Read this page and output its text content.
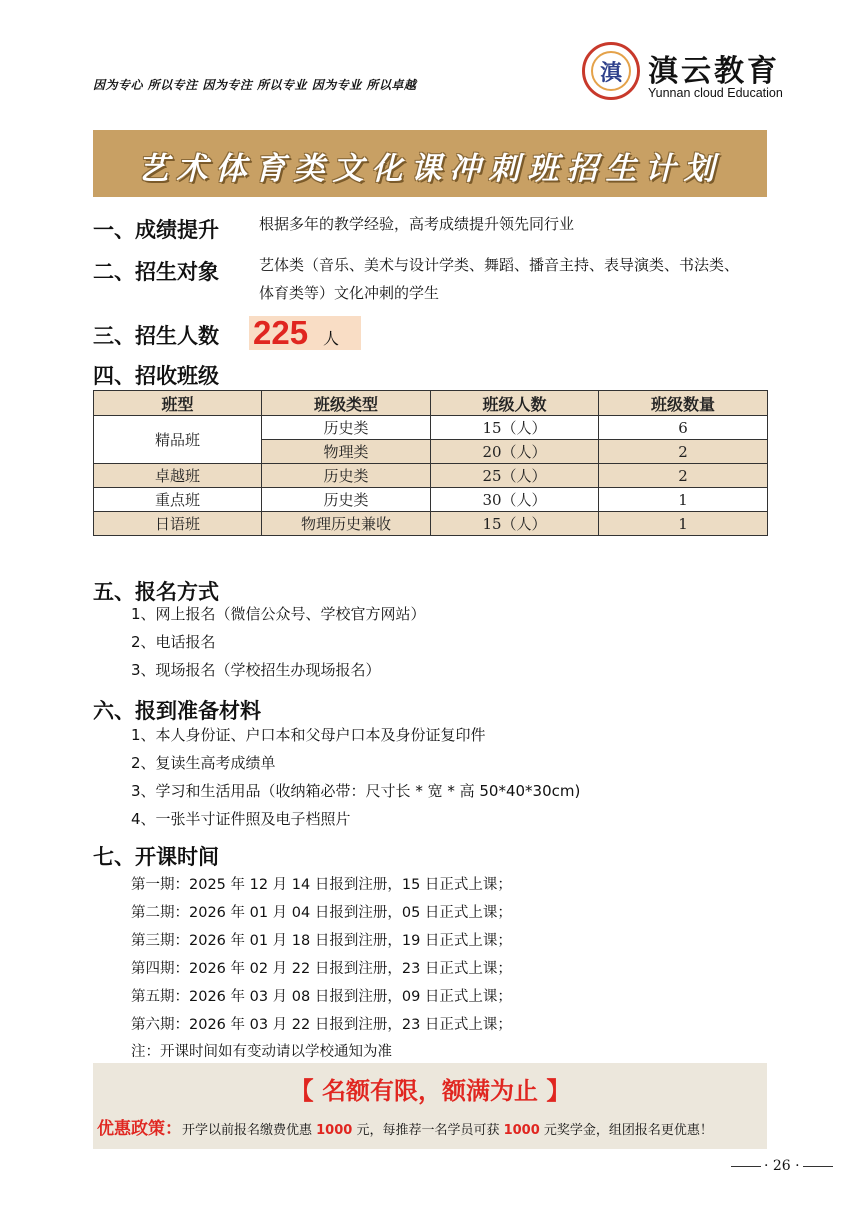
因为专心 所以专注 因为专注 所以专业 因为专业 所以卓越	滇 滇云教育
Yunnan cloud Education
艺术体育类文化课冲刺班招生计划
一、成绩提升	根据多年的教学经验，高考成绩提升领先同行业
二、招生对象	艺体类（音乐、美术与设计学类、舞蹈、播音主持、表导演类、书法类、
体育类等）文化冲刺的学生
三、招生人数 225 人
四、招收班级
班型	班级类型	班级人数	班级数量
精品班	历史类	15（人）	6
	物理类	20（人）	2
卓越班	历史类	25（人）	2
重点班	历史类	30（人）	1
日语班	物理历史兼收	15（人）	1
五、报名方式
1、网上报名（微信公众号、学校官方网站）
2、电话报名
3、现场报名（学校招生办现场报名）
六、报到准备材料
1、本人身份证、户口本和父母户口本及身份证复印件
2、复读生高考成绩单
3、学习和生活用品（收纳箱必带：尺寸长 * 宽 * 高 50*40*30cm)
4、一张半寸证件照及电子档照片
七、开课时间
第一期：2025 年 12 月 14 日报到注册，15 日正式上课；
第二期：2026 年 01 月 04 日报到注册，05 日正式上课；
第三期：2026 年 01 月 18 日报到注册，19 日正式上课；
第四期：2026 年 02 月 22 日报到注册，23 日正式上课；
第五期：2026 年 03 月 08 日报到注册，09 日正式上课；
第六期：2026 年 03 月 22 日报到注册，23 日正式上课；
注：开课时间如有变动请以学校通知为准
【 名额有限，额满为止 】
优惠政策：开学以前报名缴费优惠 1000 元，每推荐一名学员可获 1000 元奖学金，组团报名更优惠！
· 26 ·
